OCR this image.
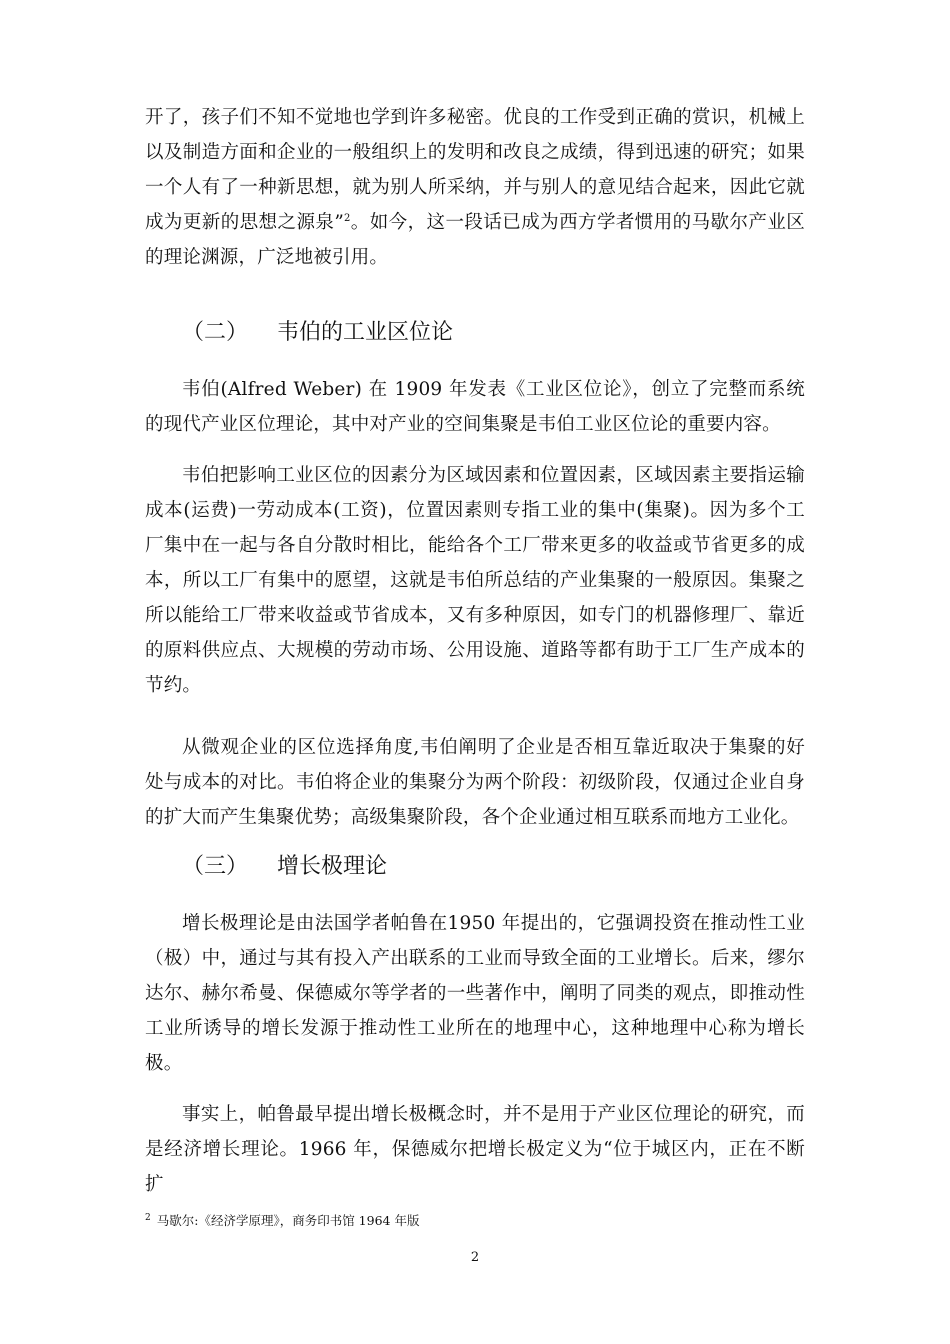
开了，孩子们不知不觉地也学到许多秘密。优良的工作受到正确的赏识，机械上以及制造方面和企业的一般组织上的发明和改良之成绩，得到迅速的研究；如果一个人有了一种新思想，就为别人所采纳，并与别人的意见结合起来，因此它就成为更新的思想之源泉”$^2$。如今，这一段话已成为西方学者惯用的马歇尔产业区的理论渊源，广泛地被引用。

（二） 韦伯的工业区位论

韦伯(Alfred Weber) 在 1909 年发表《工业区位论》，创立了完整而系统的现代产业区位理论，其中对产业的空间集聚是韦伯工业区位论的重要内容。

韦伯把影响工业区位的因素分为区域因素和位置因素，区域因素主要指运输成本(运费)一劳动成本(工资)，位置因素则专指工业的集中(集聚)。因为多个工厂集中在一起与各自分散时相比，能给各个工厂带来更多的收益或节省更多的成本，所以工厂有集中的愿望，这就是韦伯所总结的产业集聚的一般原因。集聚之所以能给工厂带来收益或节省成本，又有多种原因，如专门的机器修理厂、靠近的原料供应点、大规模的劳动市场、公用设施、道路等都有助于工厂生产成本的节约。

从微观企业的区位选择角度,韦伯阐明了企业是否相互靠近取决于集聚的好处与成本的对比。韦伯将企业的集聚分为两个阶段：初级阶段，仅通过企业自身的扩大而产生集聚优势；高级集聚阶段，各个企业通过相互联系而地方工业化。

（三） 增长极理论

增长极理论是由法国学者帕鲁在1950 年提出的，它强调投资在推动性工业（极）中，通过与其有投入产出联系的工业而导致全面的工业增长。后来，缪尔达尔、赫尔希曼、保德威尔等学者的一些著作中，阐明了同类的观点，即推动性工业所诱导的增长发源于推动性工业所在的地理中心，这种地理中心称为增长极。

事实上，帕鲁最早提出增长极概念时，并不是用于产业区位理论的研究，而是经济增长理论。1966 年，保德威尔把增长极定义为“位于城区内，正在不断扩

$^2$ 马歇尔:《经济学原理》，商务印书馆 1964 年版
2
